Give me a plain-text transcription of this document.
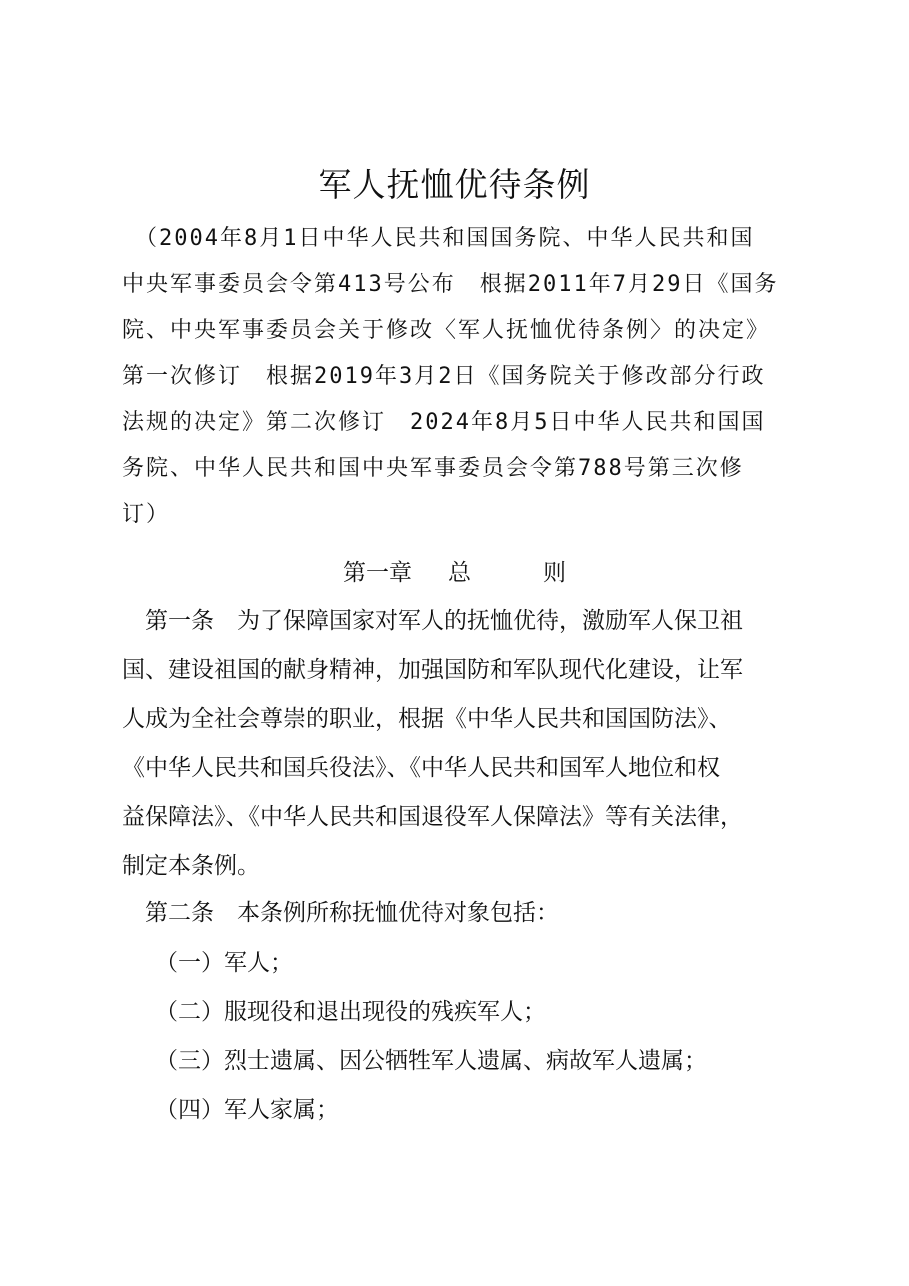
军人抚恤优待条例
　（2004年8月1日中华人民共和国国务院、中华人民共和国
中央军事委员会令第413号公布　根据2011年7月29日《国务
院、中央军事委员会关于修改〈军人抚恤优待条例〉的决定》
第一次修订　根据2019年3月2日《国务院关于修改部分行政
法规的决定》第二次修订　2024年8月5日中华人民共和国国
务院、中华人民共和国中央军事委员会令第788号第三次修
订）
第一章 总	则
　第一条　为了保障国家对军人的抚恤优待，激励军人保卫祖
国、建设祖国的献身精神，加强国防和军队现代化建设，让军
人成为全社会尊崇的职业，根据《中华人民共和国国防法》、
《中华人民共和国兵役法》、《中华人民共和国军人地位和权
益保障法》、《中华人民共和国退役军人保障法》等有关法律，
制定本条例。
　第二条　本条例所称抚恤优待对象包括：
（一）军人；
（二）服现役和退出现役的残疾军人；
（三）烈士遗属、因公牺牲军人遗属、病故军人遗属；
（四）军人家属；
